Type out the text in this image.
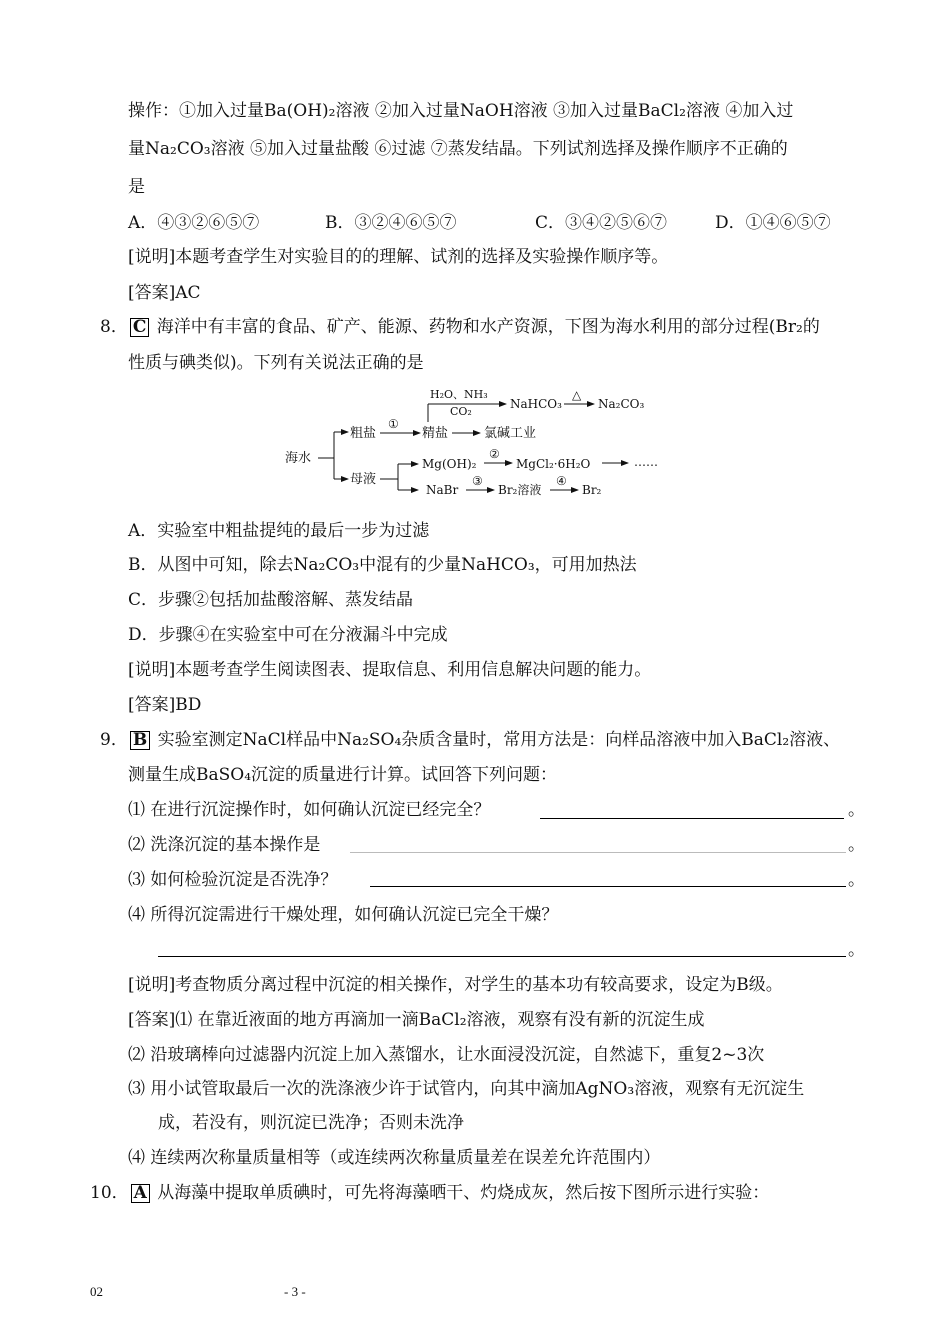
操作：①加入过量Ba(OH)₂溶液 ②加入过量NaOH溶液 ③加入过量BaCl₂溶液 ④加入过
量Na₂CO₃溶液 ⑤加入过量盐酸 ⑥过滤 ⑦蒸发结晶。下列试剂选择及操作顺序不正确的
是
A．④③②⑥⑤⑦	B．③②④⑥⑤⑦	C．③④②⑤⑥⑦	D．①④⑥⑤⑦
[说明]本题考查学生对实验目的的理解、试剂的选择及实验操作顺序等。
[答案]AC
8． C 海洋中有丰富的食品、矿产、能源、药物和水产资源，下图为海水利用的部分过程(Br₂的
性质与碘类似)。下列有关说法正确的是
海水
粗盐
①
精盐	氯碱工业
H₂O、NH₃
CO₂
NaHCO₃
△
Na₂CO₃
母液
Mg(OH)₂
②
MgCl₂·6H₂O	……
NaBr
③
Br₂溶液
④
Br₂
A．实验室中粗盐提纯的最后一步为过滤
B．从图中可知，除去Na₂CO₃中混有的少量NaHCO₃，可用加热法
C．步骤②包括加盐酸溶解、蒸发结晶
D．步骤④在实验室中可在分液漏斗中完成
[说明]本题考查学生阅读图表、提取信息、利用信息解决问题的能力。
[答案]BD
9． B 实验室测定NaCl样品中Na₂SO₄杂质含量时，常用方法是：向样品溶液中加入BaCl₂溶液、
测量生成BaSO₄沉淀的质量进行计算。试回答下列问题：
⑴ 在进行沉淀操作时，如何确认沉淀已经完全？	。
⑵ 洗涤沉淀的基本操作是	。
⑶ 如何检验沉淀是否洗净？	。
⑷ 所得沉淀需进行干燥处理，如何确认沉淀已完全干燥？
。
[说明]考查物质分离过程中沉淀的相关操作，对学生的基本功有较高要求，设定为B级。
[答案]⑴ 在靠近液面的地方再滴加一滴BaCl₂溶液，观察有没有新的沉淀生成
⑵ 沿玻璃棒向过滤器内沉淀上加入蒸馏水，让水面浸没沉淀，自然滤下，重复2~3次
⑶ 用小试管取最后一次的洗涤液少许于试管内，向其中滴加AgNO₃溶液，观察有无沉淀生
成，若没有，则沉淀已洗净；否则未洗净
⑷ 连续两次称量质量相等（或连续两次称量质量差在误差允许范围内）
10． A 从海藻中提取单质碘时，可先将海藻晒干、灼烧成灰，然后按下图所示进行实验：
02	- 3 -
